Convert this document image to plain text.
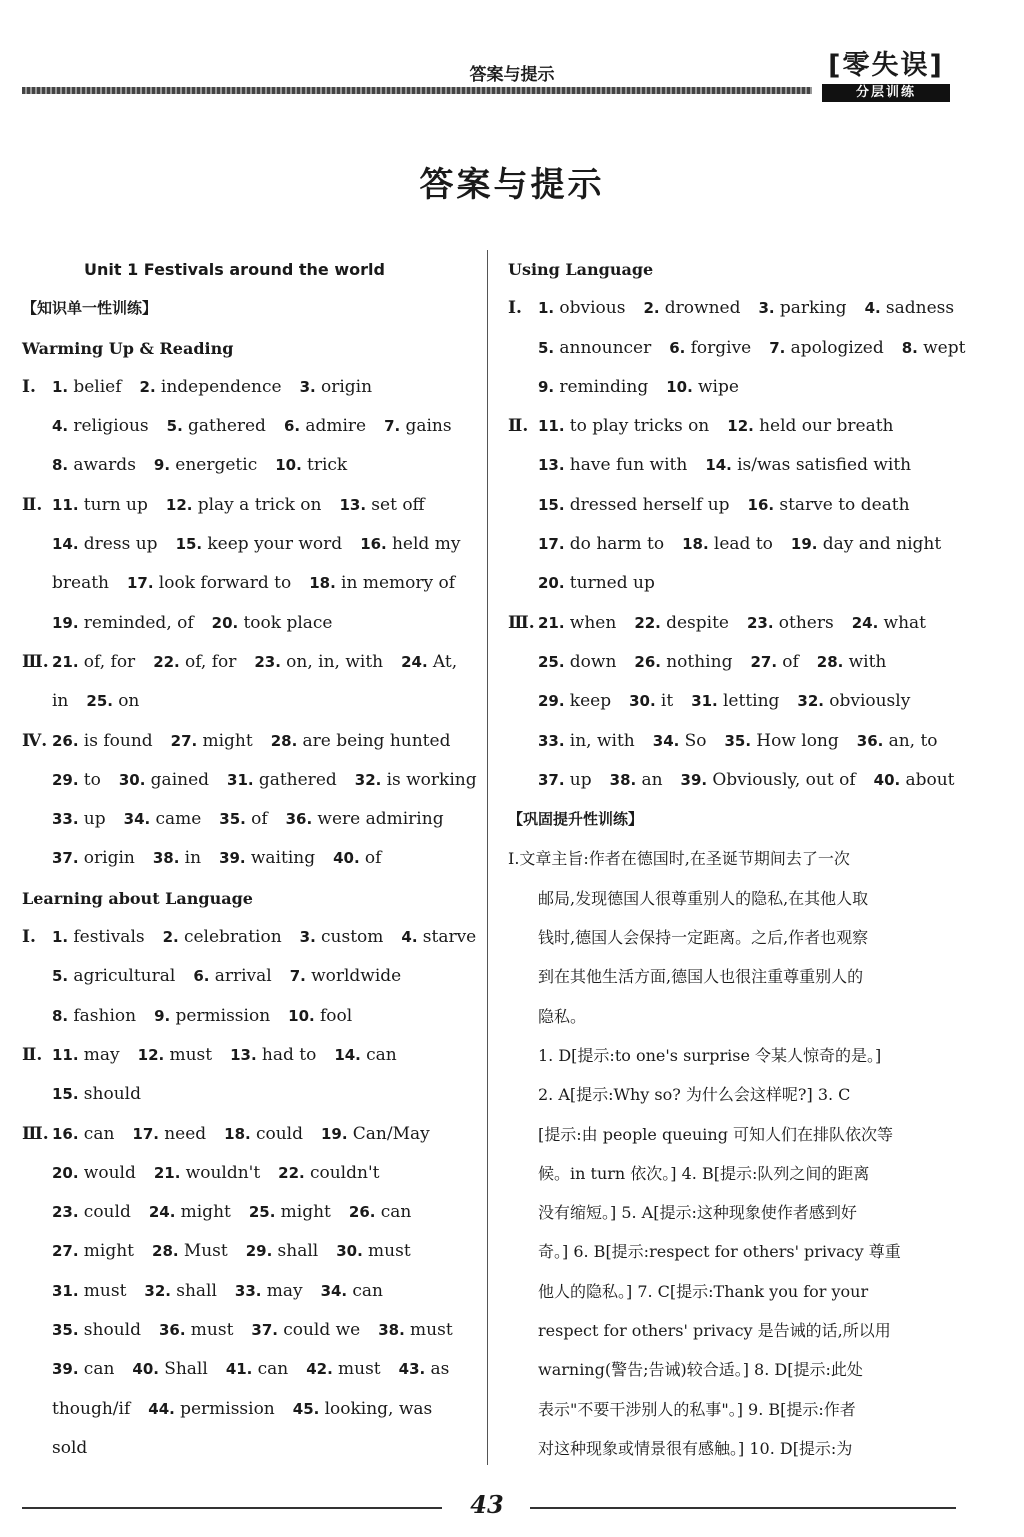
答案与提示	[零失误]
分层训练
答案与提示
Unit 1 Festivals around the world
【知识单一性训练】
Warming Up & Reading
Ⅰ. 1. belief 2. independence 3. origin
4. religious 5. gathered 6. admire 7. gains
8. awards 9. energetic 10. trick
Ⅱ. 11. turn up 12. play a trick on 13. set off
14. dress up 15. keep your word 16. held my
breath 17. look forward to 18. in memory of
19. reminded, of 20. took place
Ⅲ. 21. of, for 22. of, for 23. on, in, with 24. At,
in 25. on
Ⅳ. 26. is found 27. might 28. are being hunted
29. to 30. gained 31. gathered 32. is working
33. up 34. came 35. of 36. were admiring
37. origin 38. in 39. waiting 40. of
Learning about Language
Ⅰ. 1. festivals 2. celebration 3. custom 4. starve
5. agricultural 6. arrival 7. worldwide
8. fashion 9. permission 10. fool
Ⅱ. 11. may 12. must 13. had to 14. can
15. should
Ⅲ. 16. can 17. need 18. could 19. Can/May
20. would 21. wouldn't 22. couldn't
23. could 24. might 25. might 26. can
27. might 28. Must 29. shall 30. must
31. must 32. shall 33. may 34. can
35. should 36. must 37. could we 38. must
39. can 40. Shall 41. can 42. must 43. as
though/if 44. permission 45. looking, was
sold
Using Language
Ⅰ. 1. obvious 2. drowned 3. parking 4. sadness
5. announcer 6. forgive 7. apologized 8. wept
9. reminding 10. wipe
Ⅱ. 11. to play tricks on 12. held our breath
13. have fun with 14. is/was satisfied with
15. dressed herself up 16. starve to death
17. do harm to 18. lead to 19. day and night
20. turned up
Ⅲ. 21. when 22. despite 23. others 24. what
25. down 26. nothing 27. of 28. with
29. keep 30. it 31. letting 32. obviously
33. in, with 34. So 35. How long 36. an, to
37. up 38. an 39. Obviously, out of 40. about
【巩固提升性训练】
Ⅰ.文章主旨:作者在德国时,在圣诞节期间去了一次
邮局,发现德国人很尊重别人的隐私,在其他人取
钱时,德国人会保持一定距离。之后,作者也观察
到在其他生活方面,德国人也很注重尊重别人的
隐私。
1. D[提示:to one's surprise 令某人惊奇的是。]
2. A[提示:Why so? 为什么会这样呢?] 3. C
[提示:由 people queuing 可知人们在排队依次等
候。in turn 依次。] 4. B[提示:队列之间的距离
没有缩短。] 5. A[提示:这种现象使作者感到好
奇。] 6. B[提示:respect for others' privacy 尊重
他人的隐私。] 7. C[提示:Thank you for your
respect for others' privacy 是告诫的话,所以用
warning(警告;告诫)较合适。] 8. D[提示:此处
表示"不要干涉别人的私事"。] 9. B[提示:作者
对这种现象或情景很有感触。] 10. D[提示:为
43
